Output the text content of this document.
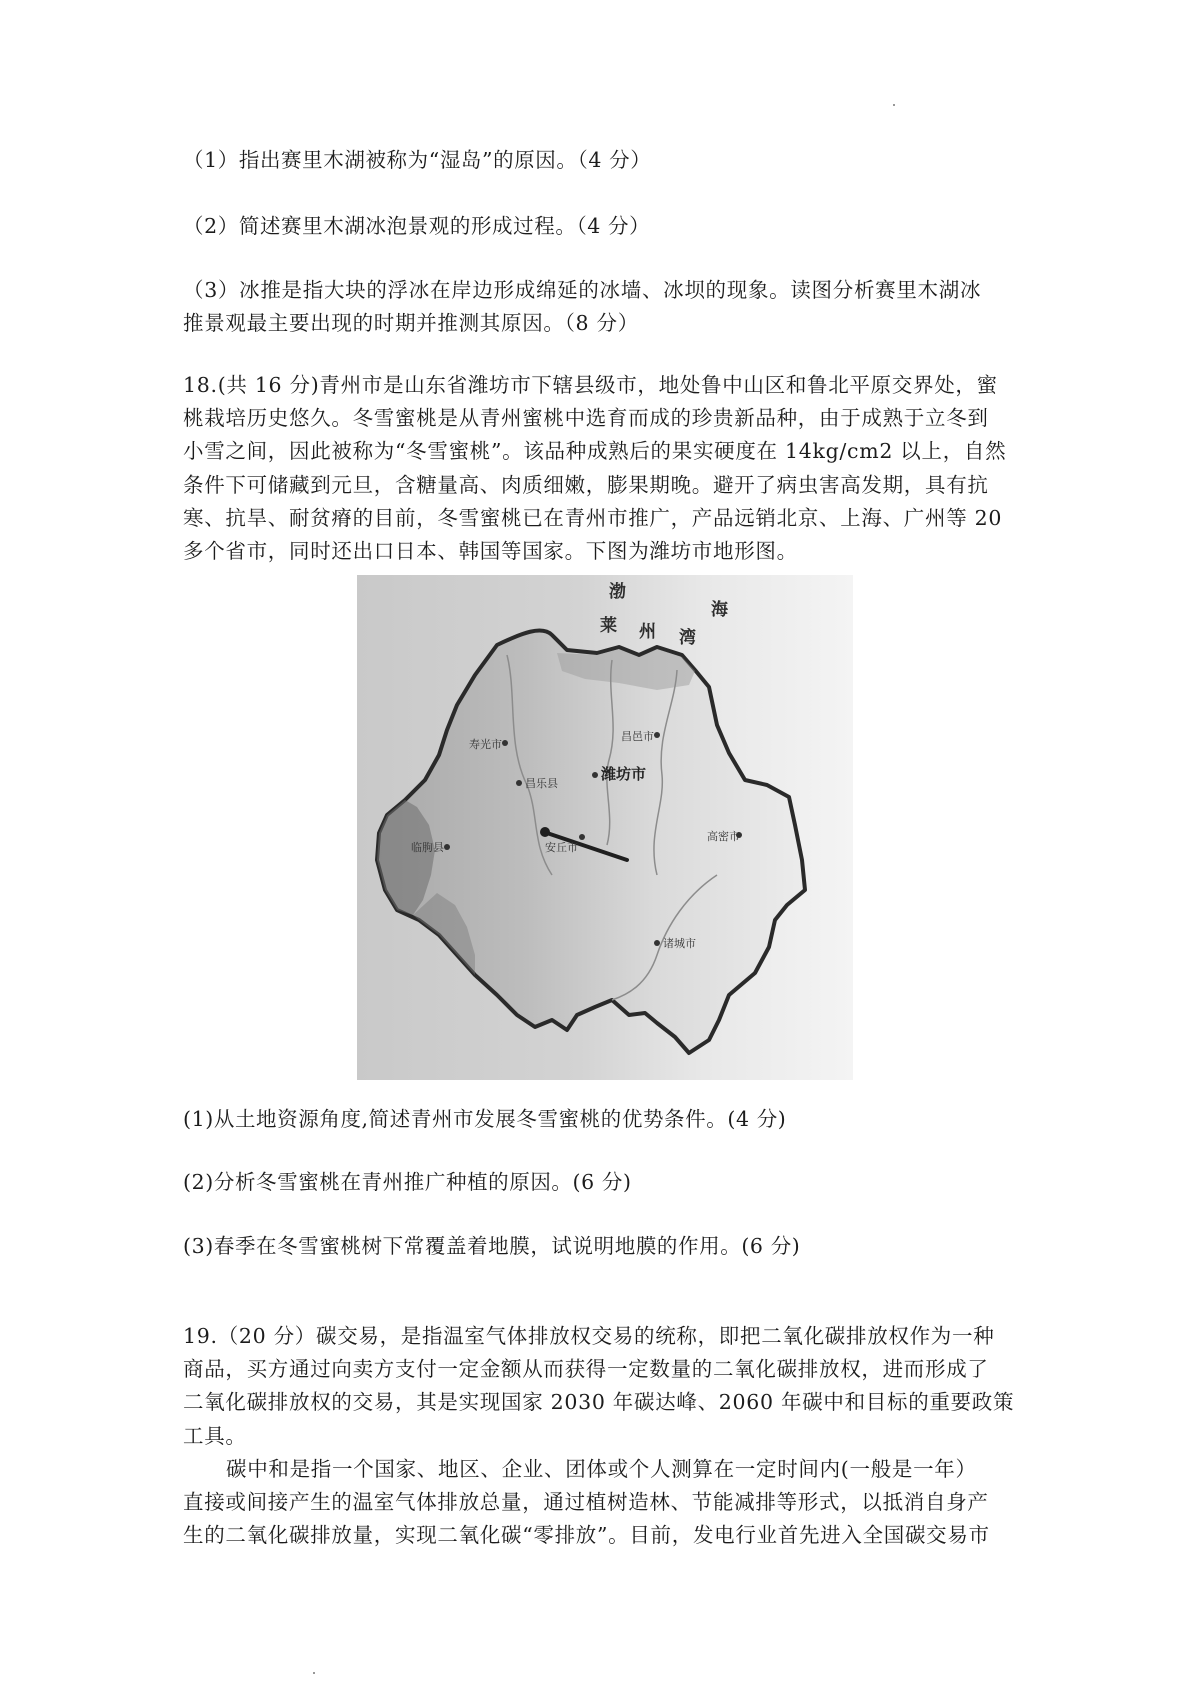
（1）指出赛里木湖被称为“湿岛”的原因。（4 分）

（2）简述赛里木湖冰泡景观的形成过程。（4 分）

（3）冰推是指大块的浮冰在岸边形成绵延的冰墙、冰坝的现象。读图分析赛里木湖冰
推景观最主要出现的时期并推测其原因。（8 分）
18.(共 16 分)青州市是山东省潍坊市下辖县级市，地处鲁中山区和鲁北平原交界处，蜜
桃栽培历史悠久。冬雪蜜桃是从青州蜜桃中选育而成的珍贵新品种，由于成熟于立冬到
小雪之间，因此被称为“冬雪蜜桃”。该品种成熟后的果实硬度在 14kg/cm2 以上，自然
条件下可储藏到元旦，含糖量高、肉质细嫩，膨果期晚。避开了病虫害高发期，具有抗
寒、抗旱、耐贫瘠的目前，冬雪蜜桃已在青州市推广，产品远销北京、上海、广州等 20
多个省市，同时还出口日本、韩国等国家。下图为潍坊市地形图。
渤
海
莱 州 湾
寿光市
昌邑市
昌乐县
潍坊市
安丘市
高密市
诸城市
临朐县

(1)从土地资源角度,简述青州市发展冬雪蜜桃的优势条件。(4 分)

(2)分析冬雪蜜桃在青州推广种植的原因。(6 分)

(3)春季在冬雪蜜桃树下常覆盖着地膜，试说明地膜的作用。(6 分)

19.（20 分）碳交易，是指温室气体排放权交易的统称，即把二氧化碳排放权作为一种
商品，买方通过向卖方支付一定金额从而获得一定数量的二氧化碳排放权，进而形成了
二氧化碳排放权的交易，其是实现国家 2030 年碳达峰、2060 年碳中和目标的重要政策
工具。
碳中和是指一个国家、地区、企业、团体或个人测算在一定时间内(一般是一年）
直接或间接产生的温室气体排放总量，通过植树造林、节能减排等形式，以抵消自身产
生的二氧化碳排放量，实现二氧化碳“零排放”。目前，发电行业首先进入全国碳交易市
